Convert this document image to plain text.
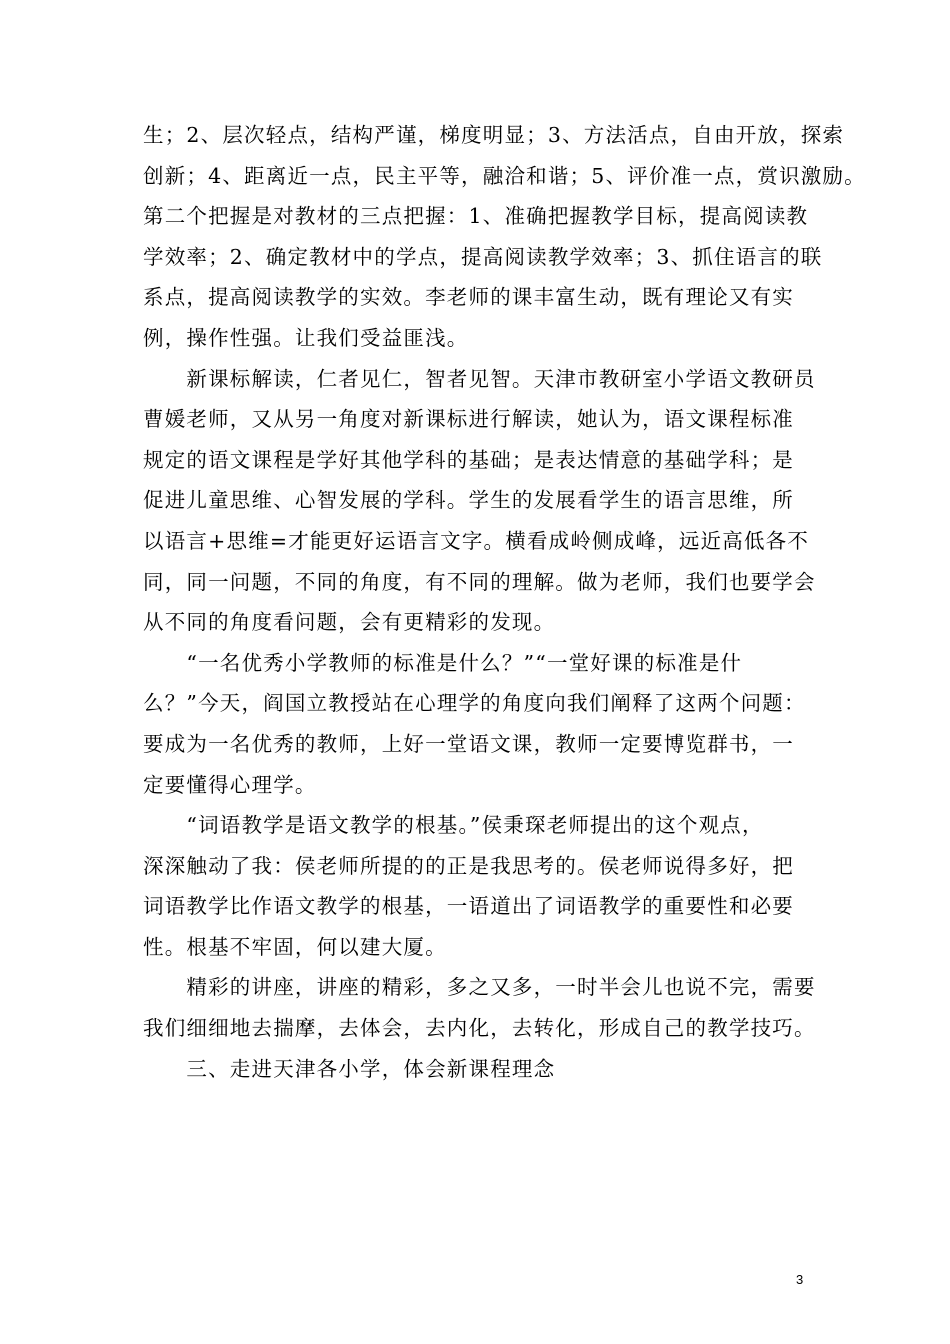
生；2、层次轻点，结构严谨，梯度明显；3、方法活点，自由开放，探索
创新；4、距离近一点，民主平等，融洽和谐；5、评价准一点，赏识激励。
第二个把握是对教材的三点把握：1、准确把握教学目标，提高阅读教
学效率；2、确定教材中的学点，提高阅读教学效率；3、抓住语言的联
系点，提高阅读教学的实效。李老师的课丰富生动，既有理论又有实
例，操作性强。让我们受益匪浅。
　　新课标解读，仁者见仁，智者见智。天津市教研室小学语文教研员
曹媛老师，又从另一角度对新课标进行解读，她认为，语文课程标准
规定的语文课程是学好其他学科的基础；是表达情意的基础学科；是
促进儿童思维、心智发展的学科。学生的发展看学生的语言思维，所
以语言+思维=才能更好运语言文字。横看成岭侧成峰，远近高低各不
同，同一问题，不同的角度，有不同的理解。做为老师，我们也要学会
从不同的角度看问题，会有更精彩的发现。
　　“一名优秀小学教师的标准是什么？”“一堂好课的标准是什
么？”今天，阎国立教授站在心理学的角度向我们阐释了这两个问题：
要成为一名优秀的教师，上好一堂语文课，教师一定要博览群书，一
定要懂得心理学。
　　“词语教学是语文教学的根基。”侯秉琛老师提出的这个观点，
深深触动了我：侯老师所提的的正是我思考的。侯老师说得多好，把
词语教学比作语文教学的根基，一语道出了词语教学的重要性和必要
性。根基不牢固，何以建大厦。
　　精彩的讲座，讲座的精彩，多之又多，一时半会儿也说不完，需要
我们细细地去揣摩，去体会，去内化，去转化，形成自己的教学技巧。
　　三、走进天津各小学，体会新课程理念
3
